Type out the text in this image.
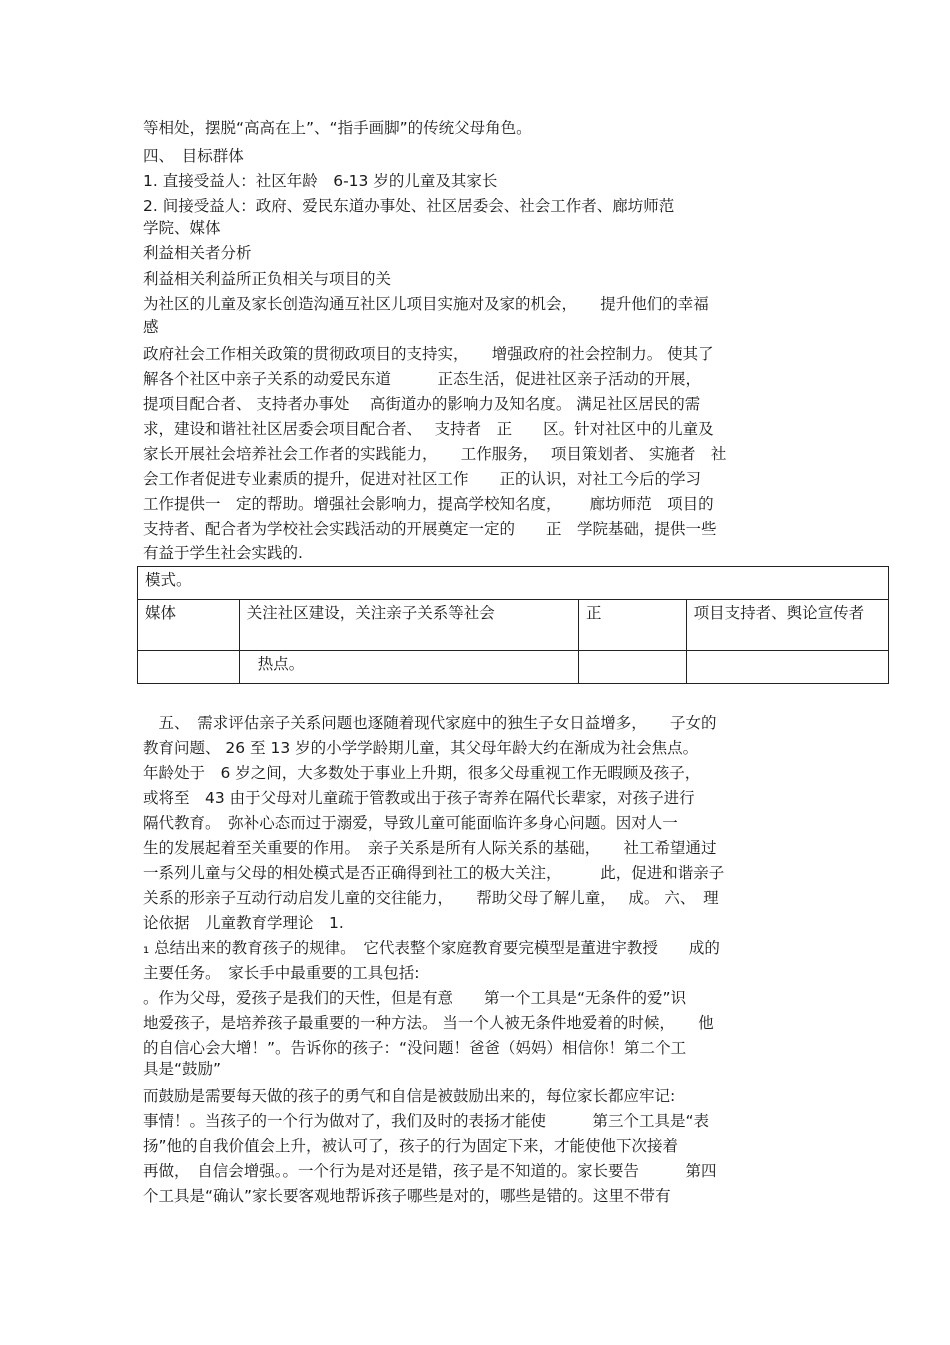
等相处，摆脱“高高在上”、“指手画脚”的传统父母角色。
四、　目标群体
1. 直接受益人：社区年龄　6-13 岁的儿童及其家长
2. 间接受益人：政府、爱民东道办事处、社区居委会、社会工作者、廊坊师范
学院、媒体
利益相关者分析
利益相关利益所正负相关与项目的关
为社区的儿童及家长创造沟通互社区儿项目实施对及家的机会，　　提升他们的幸福
感
政府社会工作相关政策的贯彻政项目的支持实，　　增强政府的社会控制力。 使其了
解各个社区中亲子关系的动爱民东道　　　正态生活，促进社区亲子活动的开展，
提项目配合者、 支持者办事处　 高街道办的影响力及知名度。 满足社区居民的需
求，建设和谐社社区居委会项目配合者、　 支持者　正　　区。针对社区中的儿童及
家长开展社会培养社会工作者的实践能力，　　工作服务，　 项目策划者、 实施者　社
会工作者促进专业素质的提升，促进对社区工作　　正的认识，对社工今后的学习
工作提供一　定的帮助。增强社会影响力，提高学校知名度，　　 廊坊师范　项目的
支持者、配合者为学校社会实践活动的开展奠定一定的　　正　学院基础，提供一些
有益于学生社会实践的.
模式。			
媒体	关注社区建设，关注亲子关系等社会	正	项目支持者、舆论宣传者
	热点。		
　五、　需求评估亲子关系问题也逐随着现代家庭中的独生子女日益增多，　　子女的
教育问题、 26 至 13 岁的小学学龄期儿童，其父母年龄大约在渐成为社会焦点。
年龄处于　6 岁之间，大多数处于事业上升期，很多父母重视工作无暇顾及孩子，
或将至　43 由于父母对儿童疏于管教或出于孩子寄养在隔代长辈家，对孩子进行
隔代教育。　弥补心态而过于溺爱，导致儿童可能面临许多身心问题。因对人一
生的发展起着至关重要的作用。　亲子关系是所有人际关系的基础，　　社工希望通过
一系列儿童与父母的相处模式是否正确得到社工的极大关注，　　　此，促进和谐亲子
关系的形亲子互动行动启发儿童的交往能力，　　帮助父母了解儿童，　 成。 六、　理
论依据　儿童教育学理论　1.
₁ 总结出来的教育孩子的规律。　它代表整个家庭教育要完模型是董进宇教授　　成的
主要任务。　家长手中最重要的工具包括:
。作为父母，爱孩子是我们的天性，但是有意　　第一个工具是“无条件的爱”识
地爱孩子，是培养孩子最重要的一种方法。 当一个人被无条件地爱着的时候，　　他
的自信心会大增！”。告诉你的孩子：“没问题！爸爸（妈妈）相信你！第二个工
具是“鼓励”
而鼓励是需要每天做的孩子的勇气和自信是被鼓励出来的，每位家长都应牢记:
事情！。当孩子的一个行为做对了，我们及时的表扬才能使　　　第三个工具是“表
扬”他的自我价值会上升，被认可了，孩子的行为固定下来，才能使他下次接着
再做，　自信会增强。。一个行为是对还是错，孩子是不知道的。家长要告　　　第四
个工具是“确认”家长要客观地帮诉孩子哪些是对的，哪些是错的。这里不带有
